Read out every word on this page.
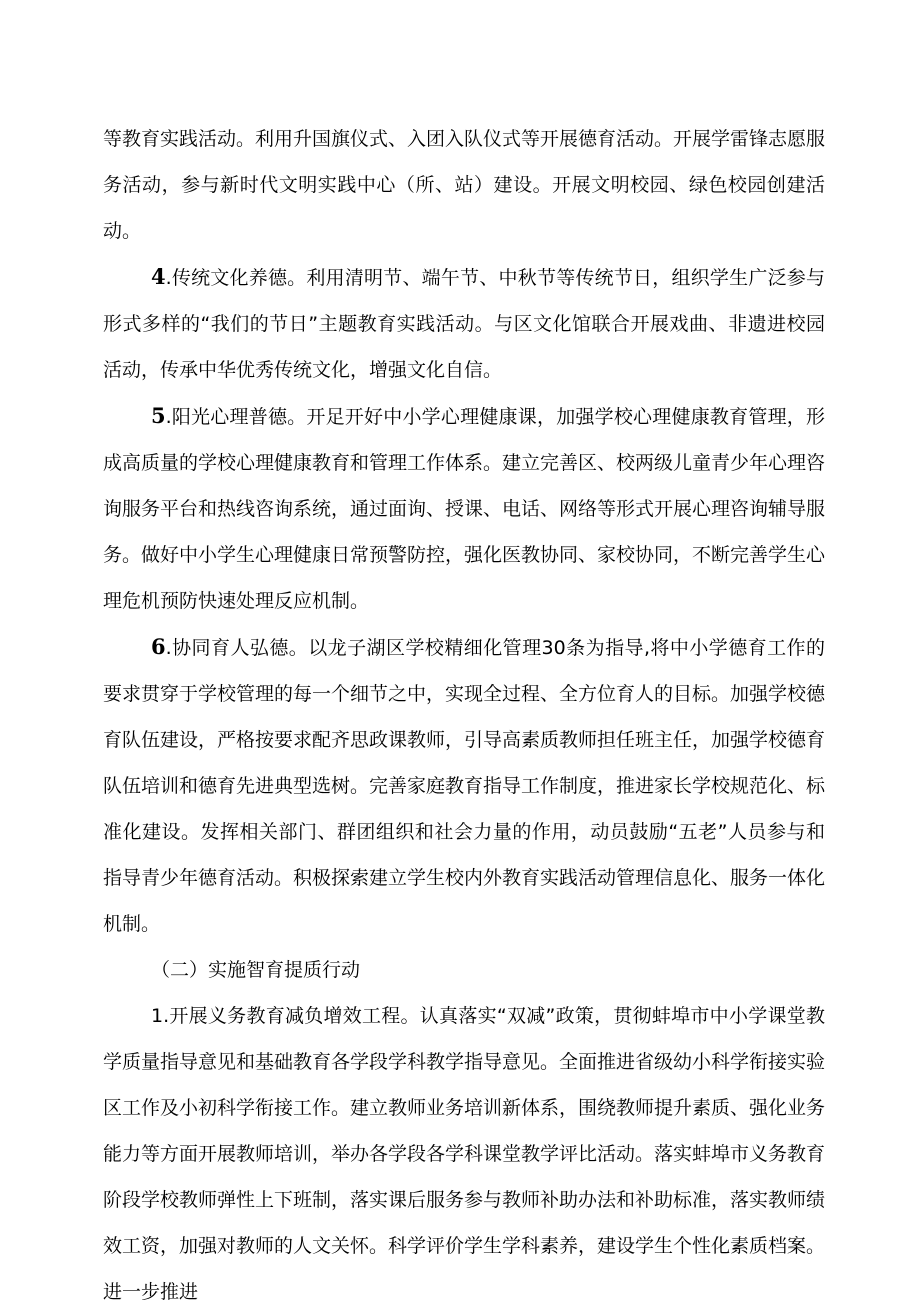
等教育实践活动。利用升国旗仪式、入团入队仪式等开展德育活动。开展学雷锋志愿服务活动，参与新时代文明实践中心（所、站）建设。开展文明校园、绿色校园创建活动。

4.传统文化养德。利用清明节、端午节、中秋节等传统节日，组织学生广泛参与形式多样的“我们的节日”主题教育实践活动。与区文化馆联合开展戏曲、非遗进校园活动，传承中华优秀传统文化，增强文化自信。

5.阳光心理普德。开足开好中小学心理健康课，加强学校心理健康教育管理，形成高质量的学校心理健康教育和管理工作体系。建立完善区、校两级儿童青少年心理咨询服务平台和热线咨询系统，通过面询、授课、电话、网络等形式开展心理咨询辅导服务。做好中小学生心理健康日常预警防控，强化医教协同、家校协同，不断完善学生心理危机预防快速处理反应机制。

6.协同育人弘德。以龙子湖区学校精细化管理30条为指导,将中小学德育工作的要求贯穿于学校管理的每一个细节之中，实现全过程、全方位育人的目标。加强学校德育队伍建设，严格按要求配齐思政课教师，引导高素质教师担任班主任，加强学校德育队伍培训和德育先进典型选树。完善家庭教育指导工作制度，推进家长学校规范化、标准化建设。发挥相关部门、群团组织和社会力量的作用，动员鼓励“五老”人员参与和指导青少年德育活动。积极探索建立学生校内外教育实践活动管理信息化、服务一体化机制。

（二）实施智育提质行动

1.开展义务教育减负增效工程。认真落实“双减”政策，贯彻蚌埠市中小学课堂教学质量指导意见和基础教育各学段学科教学指导意见。全面推进省级幼小科学衔接实验区工作及小初科学衔接工作。建立教师业务培训新体系，围绕教师提升素质、强化业务能力等方面开展教师培训，举办各学段各学科课堂教学评比活动。落实蚌埠市义务教育阶段学校教师弹性上下班制，落实课后服务参与教师补助办法和补助标准，落实教师绩效工资，加强对教师的人文关怀。科学评价学生学科素养，建设学生个性化素质档案。进一步推进
